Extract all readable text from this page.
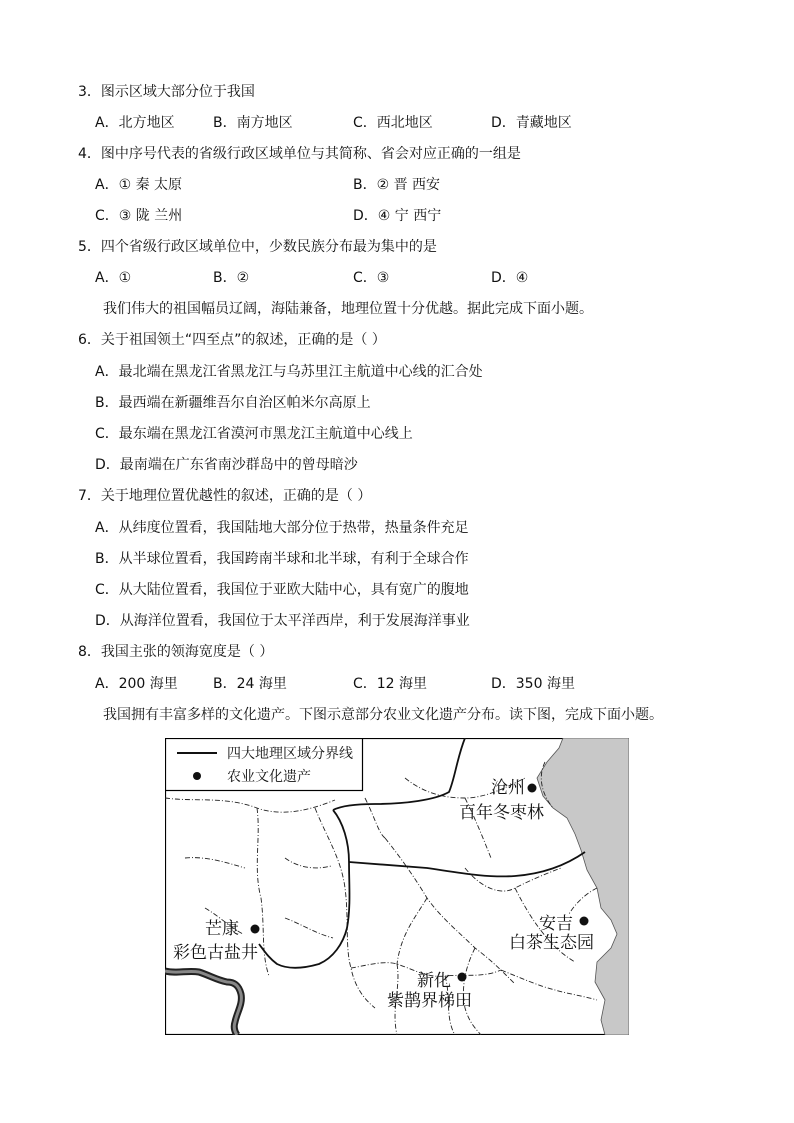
3．图示区域大部分位于我国
A．北方地区	B．南方地区	C．西北地区	D．青藏地区
4．图中序号代表的省级行政区域单位与其简称、省会对应正确的一组是
A．① 秦 太原	B．② 晋 西安
C．③ 陇 兰州	D．④ 宁 西宁
5．四个省级行政区域单位中，少数民族分布最为集中的是
A．①	B．②	C．③	D．④
我们伟大的祖国幅员辽阔，海陆兼备，地理位置十分优越。据此完成下面小题。
6．关于祖国领土“四至点”的叙述，正确的是（ ）
A．最北端在黑龙江省黑龙江与乌苏里江主航道中心线的汇合处
B．最西端在新疆维吾尔自治区帕米尔高原上
C．最东端在黑龙江省漠河市黑龙江主航道中心线上
D．最南端在广东省南沙群岛中的曾母暗沙
7．关于地理位置优越性的叙述，正确的是（ ）
A．从纬度位置看，我国陆地大部分位于热带，热量条件充足
B．从半球位置看，我国跨南半球和北半球，有利于全球合作
C．从大陆位置看，我国位于亚欧大陆中心，具有宽广的腹地
D．从海洋位置看，我国位于太平洋西岸，利于发展海洋事业
8．我国主张的领海宽度是（ ）
A．200 海里	B．24 海里	C．12 海里	D．350 海里
我国拥有丰富多样的文化遗产。下图示意部分农业文化遗产分布。读下图，完成下面小题。
四大地理区域分界线
农业文化遗产
沧州
百年冬枣林
芒康
彩色古盐井
安吉
白茶生态园
新化
紫鹊界梯田
